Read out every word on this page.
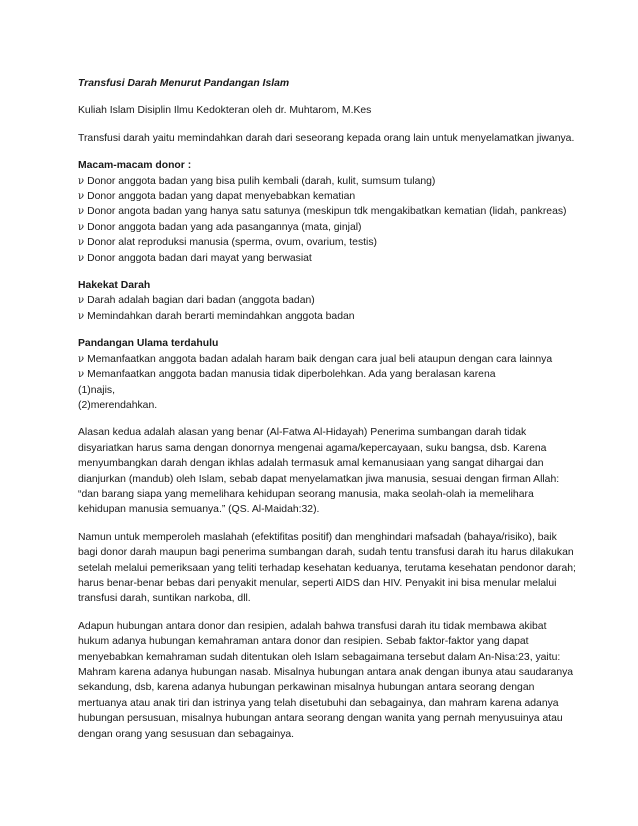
Transfusi Darah Menurut Pandangan Islam
Kuliah Islam Disiplin Ilmu Kedokteran oleh dr. Muhtarom, M.Kes

Transfusi darah yaitu memindahkan darah dari seseorang kepada orang lain untuk menyelamatkan jiwanya.

Macam-macam donor :
ν Donor anggota badan yang bisa pulih kembali (darah, kulit, sumsum tulang)
ν Donor anggota badan yang dapat menyebabkan kematian
ν Donor angota badan yang hanya satu satunya (meskipun tdk mengakibatkan kematian (lidah, pankreas)
ν Donor anggota badan yang ada pasangannya (mata, ginjal)
ν Donor alat reproduksi manusia (sperma, ovum, ovarium, testis)
ν Donor anggota badan dari mayat yang berwasiat
Hakekat Darah
ν Darah adalah bagian dari badan (anggota badan)
ν Memindahkan darah berarti memindahkan anggota badan
Pandangan Ulama terdahulu
ν Memanfaatkan anggota badan adalah haram baik dengan cara jual beli ataupun dengan cara lainnya
ν Memanfaatkan anggota badan manusia tidak diperbolehkan. Ada yang beralasan karena
(1)najis,
(2)merendahkan.

Alasan kedua adalah alasan yang benar (Al-Fatwa Al-Hidayah) Penerima sumbangan darah tidak disyariatkan harus sama dengan donornya mengenai agama/kepercayaan, suku bangsa, dsb. Karena menyumbangkan darah dengan ikhlas adalah termasuk amal kemanusiaan yang sangat dihargai dan dianjurkan (mandub) oleh Islam, sebab dapat menyelamatkan jiwa manusia, sesuai dengan firman Allah: “dan barang siapa yang memelihara kehidupan seorang manusia, maka seolah-olah ia memelihara kehidupan manusia semuanya.” (QS. Al-Maidah:32).

Namun untuk memperoleh maslahah (efektifitas positif) dan menghindari mafsadah (bahaya/risiko), baik bagi donor darah maupun bagi penerima sumbangan darah, sudah tentu transfusi darah itu harus dilakukan setelah melalui pemeriksaan yang teliti terhadap kesehatan keduanya, terutama kesehatan pendonor darah; harus benar-benar bebas dari penyakit menular, seperti AIDS dan HIV. Penyakit ini bisa menular melalui transfusi darah, suntikan narkoba, dll.

Adapun hubungan antara donor dan resipien, adalah bahwa transfusi darah itu tidak membawa akibat hukum adanya hubungan kemahraman antara donor dan resipien. Sebab faktor-faktor yang dapat menyebabkan kemahraman sudah ditentukan oleh Islam sebagaimana tersebut dalam An-Nisa:23, yaitu: Mahram karena adanya hubungan nasab. Misalnya hubungan antara anak dengan ibunya atau saudaranya sekandung, dsb, karena adanya hubungan perkawinan misalnya hubungan antara seorang dengan mertuanya atau anak tiri dan istrinya yang telah disetubuhi dan sebagainya, dan mahram karena adanya hubungan persusuan, misalnya hubungan antara seorang dengan wanita yang pernah menyusuinya atau dengan orang yang sesusuan dan sebagainya.
